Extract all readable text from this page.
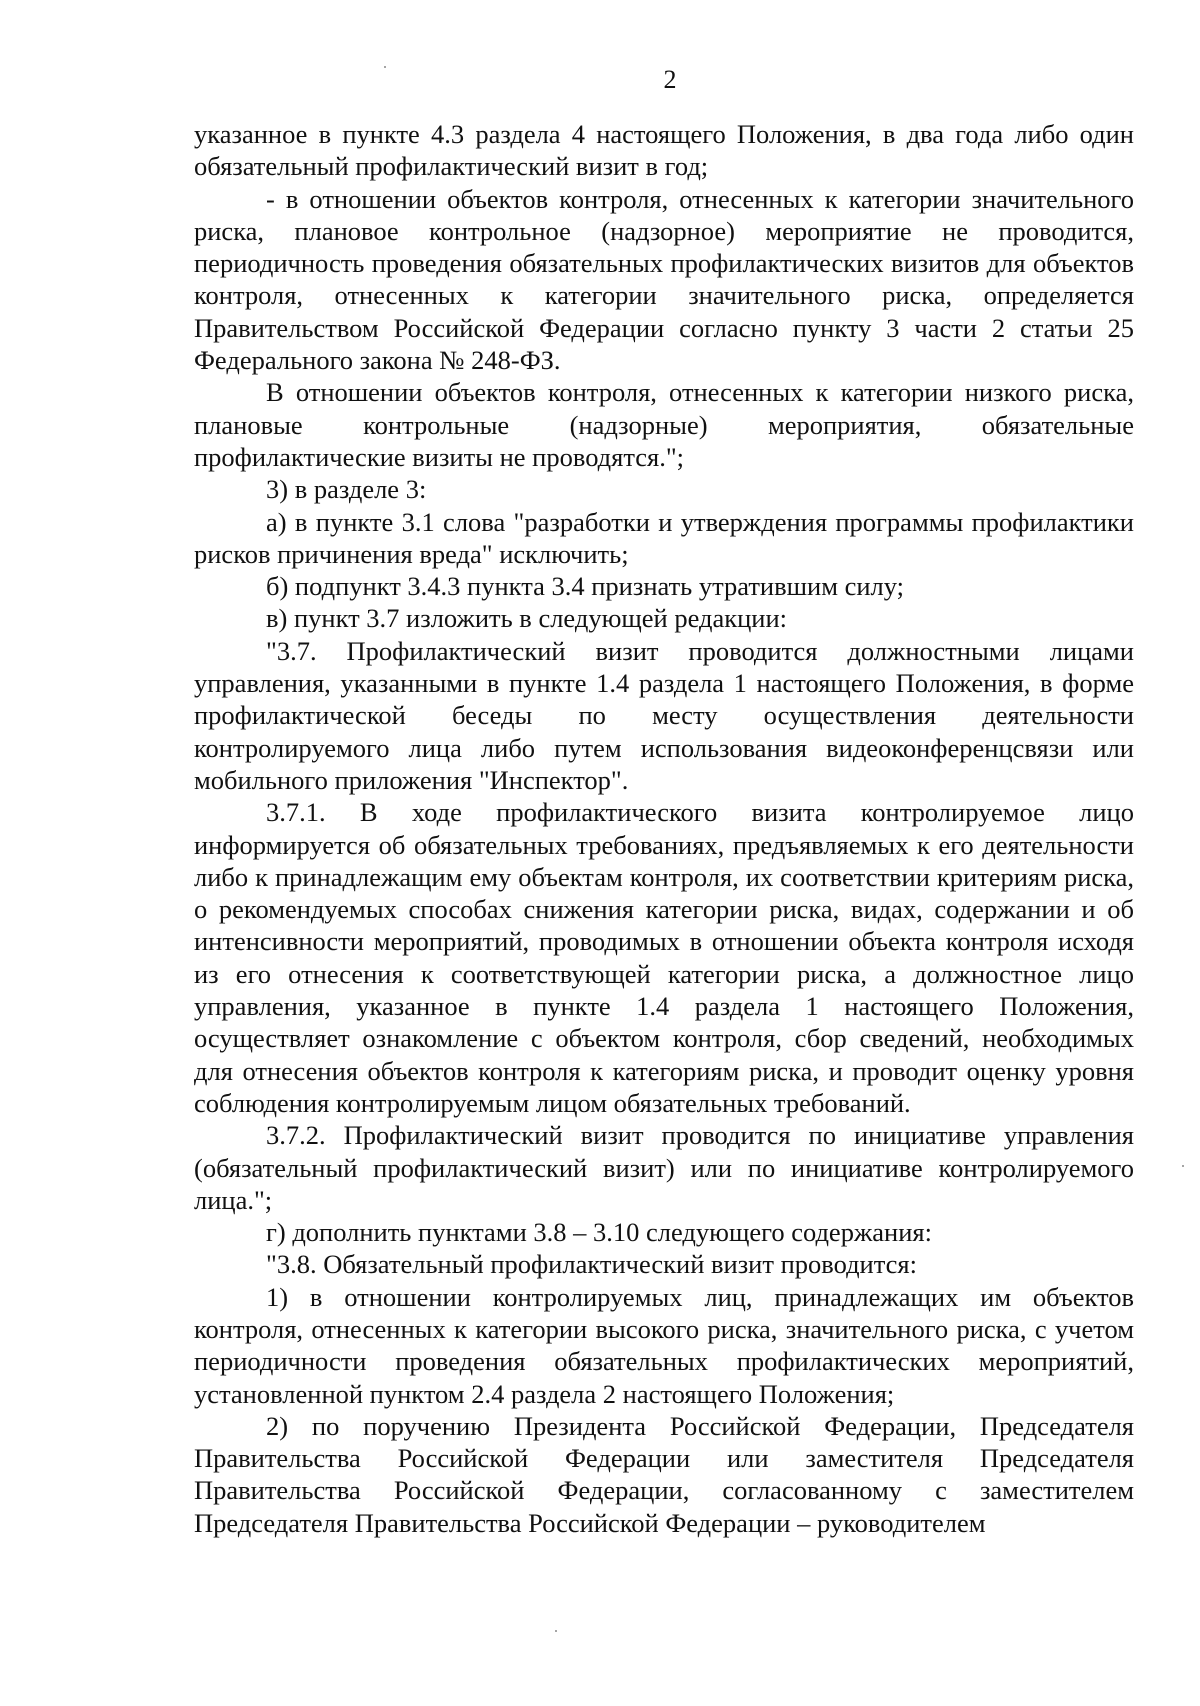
2

указанное в пункте 4.3 раздела 4 настоящего Положения, в два года либо один обязательный профилактический визит в год;

- в отношении объектов контроля, отнесенных к категории значительного риска, плановое контрольное (надзорное) мероприятие не проводится, периодичность проведения обязательных профилактических визитов для объектов контроля, отнесенных к категории значительного риска, определяется Правительством Российской Федерации согласно пункту 3 части 2 статьи 25 Федерального закона № 248-ФЗ.

В отношении объектов контроля, отнесенных к категории низкого риска, плановые контрольные (надзорные) мероприятия, обязательные профилактические визиты не проводятся.";

3) в разделе 3:

а) в пункте 3.1 слова "разработки и утверждения программы профилактики рисков причинения вреда" исключить;

б) подпункт 3.4.3 пункта 3.4 признать утратившим силу;

в) пункт 3.7 изложить в следующей редакции:

"3.7. Профилактический визит проводится должностными лицами управления, указанными в пункте 1.4 раздела 1 настоящего Положения, в форме профилактической беседы по месту осуществления деятельности контролируемого лица либо путем использования видеоконференцсвязи или мобильного приложения "Инспектор".

3.7.1. В ходе профилактического визита контролируемое лицо информируется об обязательных требованиях, предъявляемых к его деятельности либо к принадлежащим ему объектам контроля, их соответствии критериям риска, о рекомендуемых способах снижения категории риска, видах, содержании и об интенсивности мероприятий, проводимых в отношении объекта контроля исходя из его отнесения к соответствующей категории риска, а должностное лицо управления, указанное в пункте 1.4 раздела 1 настоящего Положения, осуществляет ознакомление с объектом контроля, сбор сведений, необходимых для отнесения объектов контроля к категориям риска, и проводит оценку уровня соблюдения контролируемым лицом обязательных требований.

3.7.2. Профилактический визит проводится по инициативе управления (обязательный профилактический визит) или по инициативе контролируемого лица.";

г) дополнить пунктами 3.8 – 3.10 следующего содержания:

"3.8. Обязательный профилактический визит проводится:

1) в отношении контролируемых лиц, принадлежащих им объектов контроля, отнесенных к категории высокого риска, значительного риска, с учетом периодичности проведения обязательных профилактических мероприятий, установленной пунктом 2.4 раздела 2 настоящего Положения;

2) по поручению Президента Российской Федерации, Председателя Правительства Российской Федерации или заместителя Председателя Правительства Российской Федерации, согласованному с заместителем Председателя Правительства Российской Федерации – руководителем
